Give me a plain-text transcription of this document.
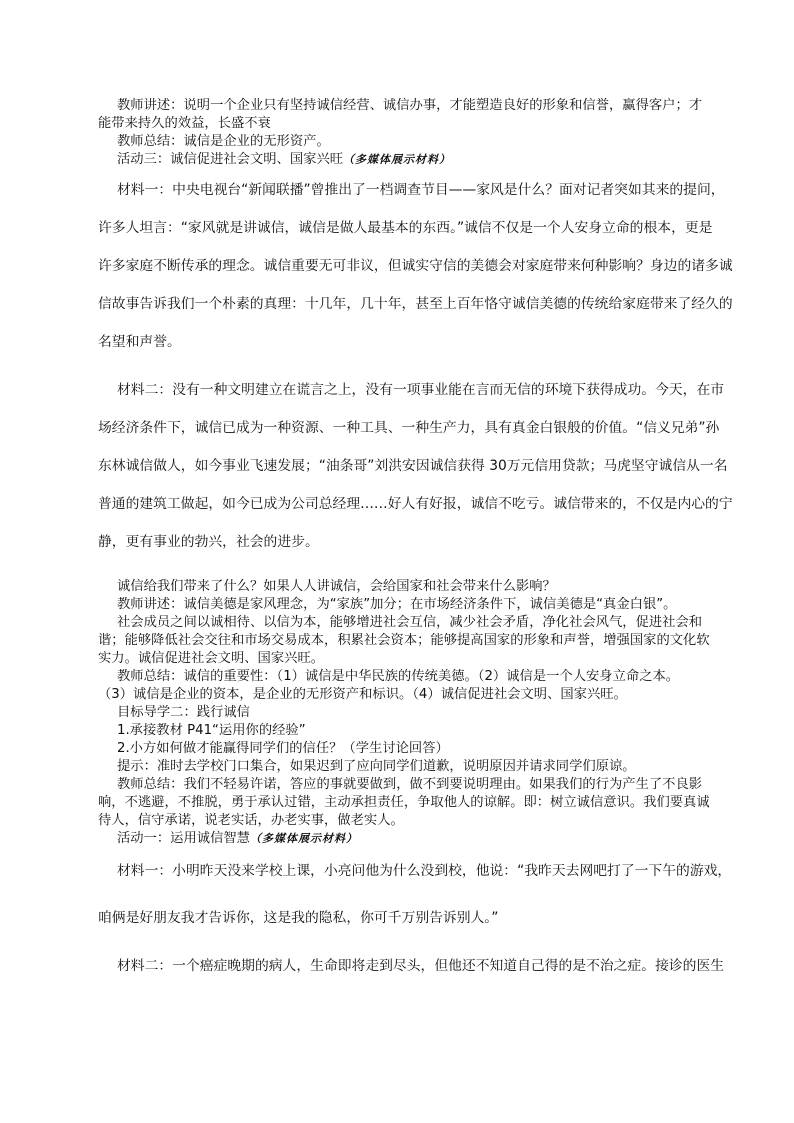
教师讲述：说明一个企业只有坚持诚信经营、诚信办事，才能塑造良好的形象和信誉，赢得客户；才
能带来持久的效益，长盛不衰
教师总结：诚信是企业的无形资产。
活动三：诚信促进社会文明、国家兴旺（多媒体展示材料）
材料一：中央电视台“新闻联播”曾推出了一档调查节目——家风是什么？面对记者突如其来的提问，
许多人坦言：“家风就是讲诚信，诚信是做人最基本的东西。”诚信不仅是一个人安身立命的根本，更是
许多家庭不断传承的理念。诚信重要无可非议，但诚实守信的美德会对家庭带来何种影响？身边的诸多诚
信故事告诉我们一个朴素的真理：十几年，几十年，甚至上百年恪守诚信美德的传统给家庭带来了经久的
名望和声誉。
材料二：没有一种文明建立在谎言之上，没有一项事业能在言而无信的环境下获得成功。今天，在市
场经济条件下，诚信已成为一种资源、一种工具、一种生产力，具有真金白银般的价值。“信义兄弟”孙
东林诚信做人，如今事业飞速发展；“油条哥”刘洪安因诚信获得 30万元信用贷款；马虎坚守诚信从一名
普通的建筑工做起，如今已成为公司总经理……好人有好报，诚信不吃亏。诚信带来的，不仅是内心的宁
静，更有事业的勃兴，社会的进步。
诚信给我们带来了什么？如果人人讲诚信，会给国家和社会带来什么影响？
教师讲述：诚信美德是家风理念，为“家族”加分；在市场经济条件下，诚信美德是“真金白银”。
社会成员之间以诚相待、以信为本，能够增进社会互信，减少社会矛盾，净化社会风气，促进社会和
谐；能够降低社会交往和市场交易成本，积累社会资本；能够提高国家的形象和声誉，增强国家的文化软
实力。诚信促进社会文明、国家兴旺。
教师总结：诚信的重要性：（1）诚信是中华民族的传统美德。（2）诚信是一个人安身立命之本。
（3）诚信是企业的资本，是企业的无形资产和标识。（4）诚信促进社会文明、国家兴旺。
目标导学二：践行诚信
1.承接教材 P41“运用你的经验”
2.小方如何做才能赢得同学们的信任？（学生讨论回答）
提示：准时去学校门口集合，如果迟到了应向同学们道歉，说明原因并请求同学们原谅。
教师总结：我们不轻易许诺，答应的事就要做到，做不到要说明理由。如果我们的行为产生了不良影
响，不逃避，不推脱，勇于承认过错，主动承担责任，争取他人的谅解。即：树立诚信意识。我们要真诚
待人，信守承诺，说老实话，办老实事，做老实人。
活动一：运用诚信智慧（多媒体展示材料）
材料一：小明昨天没来学校上课，小亮问他为什么没到校，他说：“我昨天去网吧打了一下午的游戏，
咱俩是好朋友我才告诉你，这是我的隐私，你可千万别告诉别人。”
材料二：一个癌症晚期的病人，生命即将走到尽头，但他还不知道自己得的是不治之症。接诊的医生
